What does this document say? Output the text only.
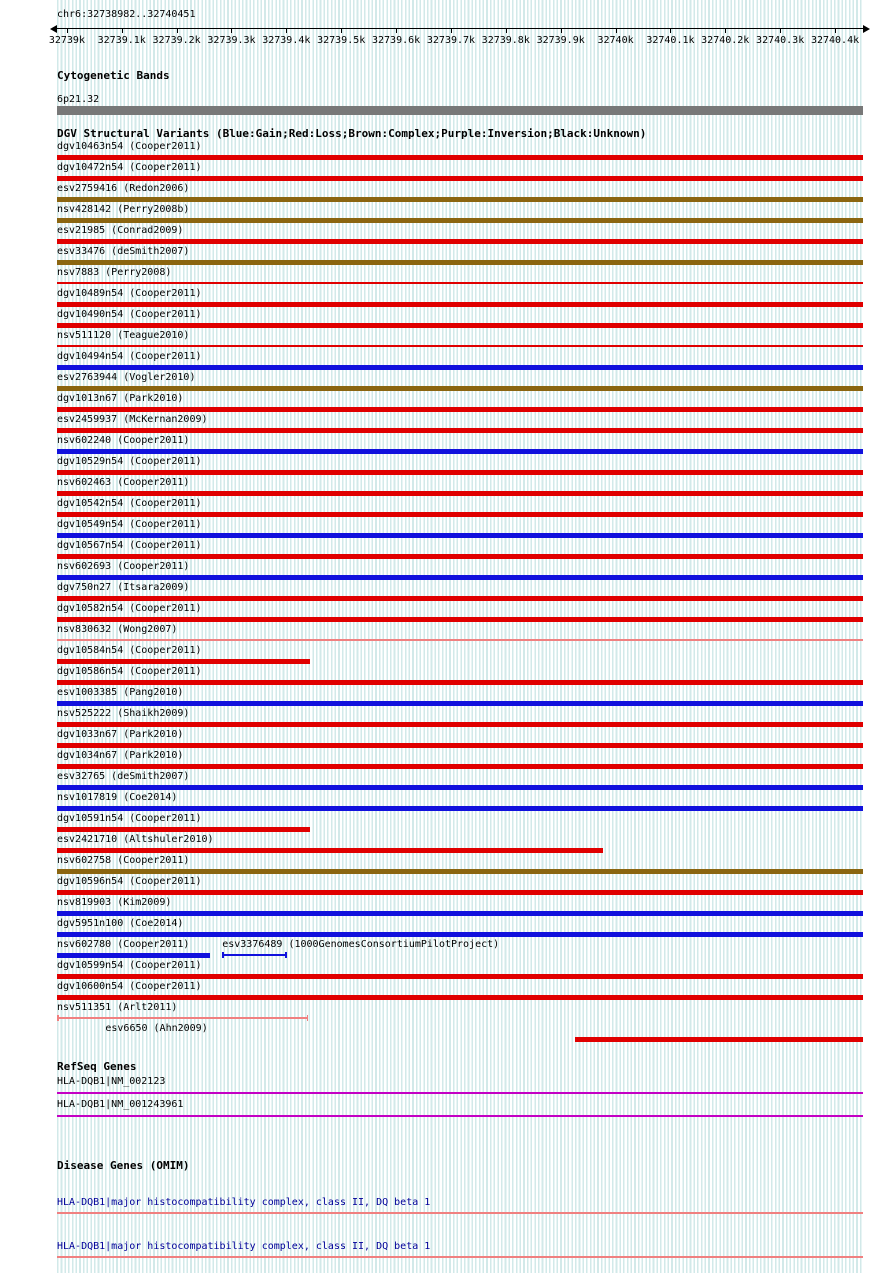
chr6:32738982..32740451
32739k 32739.1k 32739.2k 32739.3k 32739.4k 32739.5k 32739.6k 32739.7k 32739.8k 32739.9k 32740k 32740.1k 32740.2k 32740.3k 32740.4k
Cytogenetic Bands
6p21.32
DGV Structural Variants (Blue:Gain;Red:Loss;Brown:Complex;Purple:Inversion;Black:Unknown)
dgv10463n54 (Cooper2011)
dgv10472n54 (Cooper2011)
esv2759416 (Redon2006)
nsv428142 (Perry2008b)
esv21985 (Conrad2009)
esv33476 (deSmith2007)
nsv7883 (Perry2008)
dgv10489n54 (Cooper2011)
dgv10490n54 (Cooper2011)
nsv511120 (Teague2010)
dgv10494n54 (Cooper2011)
esv2763944 (Vogler2010)
dgv1013n67 (Park2010)
esv2459937 (McKernan2009)
nsv602240 (Cooper2011)
dgv10529n54 (Cooper2011)
nsv602463 (Cooper2011)
dgv10542n54 (Cooper2011)
dgv10549n54 (Cooper2011)
dgv10567n54 (Cooper2011)
nsv602693 (Cooper2011)
dgv750n27 (Itsara2009)
dgv10582n54 (Cooper2011)
nsv830632 (Wong2007)
dgv10584n54 (Cooper2011)
dgv10586n54 (Cooper2011)
esv1003385 (Pang2010)
nsv525222 (Shaikh2009)
dgv1033n67 (Park2010)
dgv1034n67 (Park2010)
esv32765 (deSmith2007)
nsv1017819 (Coe2014)
dgv10591n54 (Cooper2011)
esv2421710 (Altshuler2010)
nsv602758 (Cooper2011)
dgv10596n54 (Cooper2011)
nsv819903 (Kim2009)
dgv5951n100 (Coe2014)
nsv602780 (Cooper2011)	esv3376489 (1000GenomesConsortiumPilotProject)
dgv10599n54 (Cooper2011)
dgv10600n54 (Cooper2011)
nsv511351 (Arlt2011)
esv6650 (Ahn2009)
RefSeq Genes
HLA-DQB1|NM_002123
HLA-DQB1|NM_001243961
Disease Genes (OMIM)
HLA-DQB1|major histocompatibility complex, class II, DQ beta 1
HLA-DQB1|major histocompatibility complex, class II, DQ beta 1
